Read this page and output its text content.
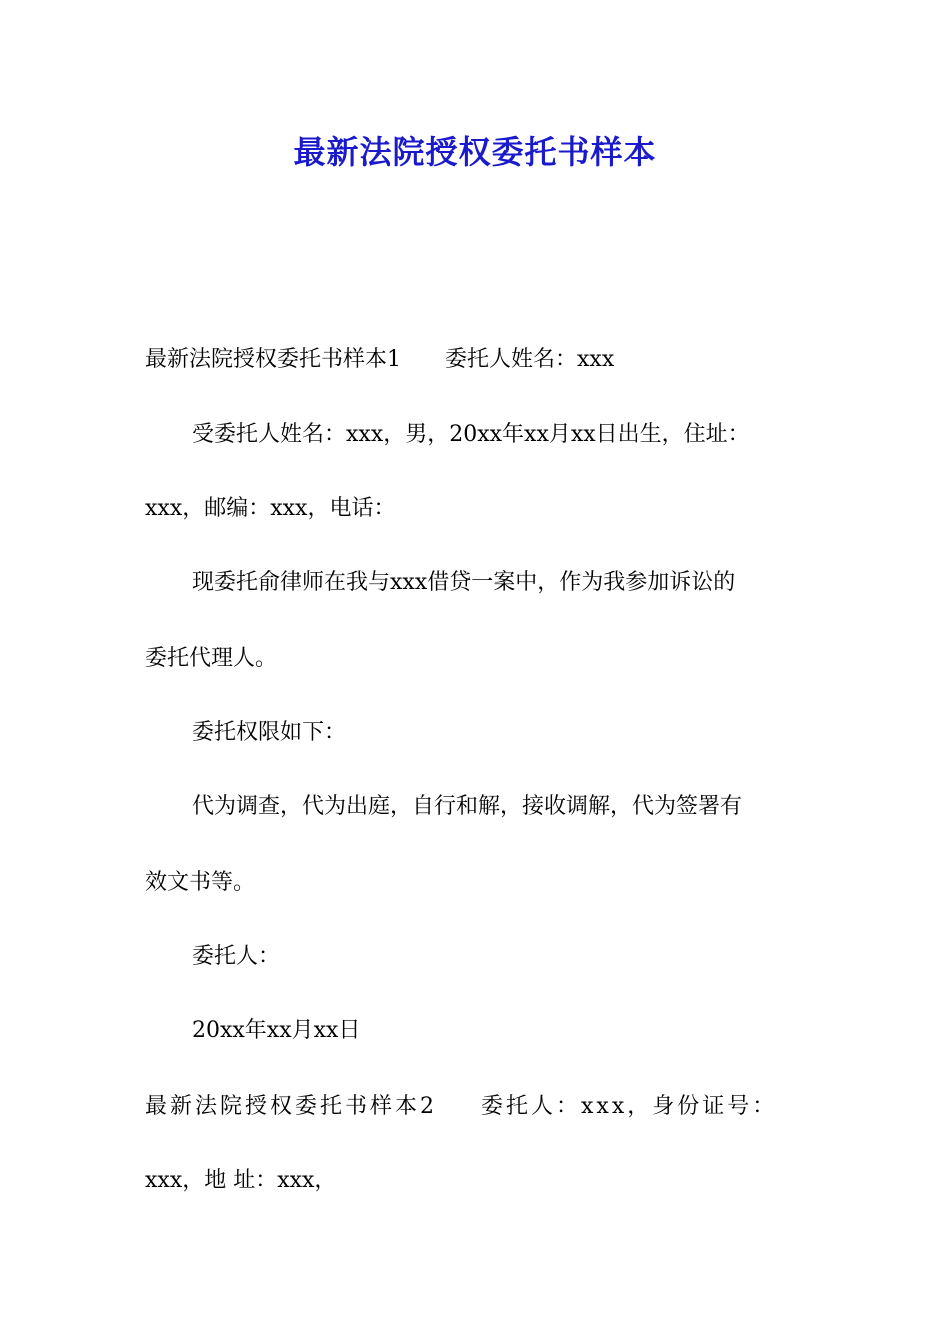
最新法院授权委托书样本
最新法院授权委托书样本1 委托人姓名：xxx
受委托人姓名：xxx，男，20xx年xx月xx日出生，住址：
xxx，邮编：xxx，电话：
现委托俞律师在我与xxx借贷一案中，作为我参加诉讼的
委托代理人。
委托权限如下：
代为调查，代为出庭，自行和解，接收调解，代为签署有
效文书等。
委托人：
20xx年xx月xx日
最新法院授权委托书样本2 委托人：xxx，身份证号：
xxx，地 址：xxx，
